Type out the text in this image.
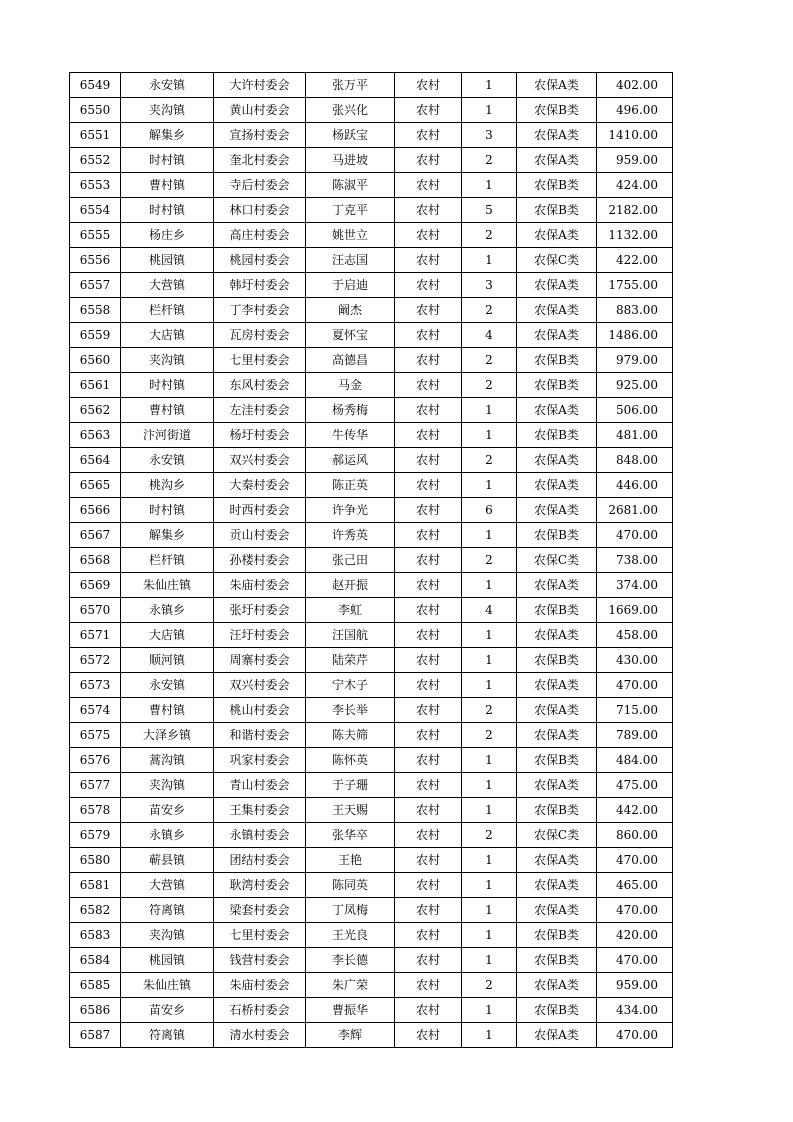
6549	永安镇	大许村委会	张万平	农村	1	农保A类	402.00
6550	夹沟镇	黄山村委会	张兴化	农村	1	农保B类	496.00
6551	解集乡	宣扬村委会	杨跃宝	农村	3	农保A类	1410.00
6552	时村镇	奎北村委会	马进坡	农村	2	农保A类	959.00
6553	曹村镇	寺后村委会	陈淑平	农村	1	农保B类	424.00
6554	时村镇	林口村委会	丁克平	农村	5	农保B类	2182.00
6555	杨庄乡	高庄村委会	姚世立	农村	2	农保A类	1132.00
6556	桃园镇	桃园村委会	汪志国	农村	1	农保C类	422.00
6557	大营镇	韩圩村委会	于启迪	农村	3	农保A类	1755.00
6558	栏杆镇	丁李村委会	阚杰	农村	2	农保A类	883.00
6559	大店镇	瓦房村委会	夏怀宝	农村	4	农保A类	1486.00
6560	夹沟镇	七里村委会	高德昌	农村	2	农保B类	979.00
6561	时村镇	东风村委会	马金	农村	2	农保B类	925.00
6562	曹村镇	左洼村委会	杨秀梅	农村	1	农保A类	506.00
6563	汴河街道	杨圩村委会	牛传华	农村	1	农保B类	481.00
6564	永安镇	双兴村委会	郝运风	农村	2	农保A类	848.00
6565	桃沟乡	大秦村委会	陈正英	农村	1	农保A类	446.00
6566	时村镇	时西村委会	许争光	农村	6	农保A类	2681.00
6567	解集乡	贡山村委会	许秀英	农村	1	农保B类	470.00
6568	栏杆镇	孙楼村委会	张己田	农村	2	农保C类	738.00
6569	朱仙庄镇	朱庙村委会	赵开振	农村	1	农保A类	374.00
6570	永镇乡	张圩村委会	李虹	农村	4	农保B类	1669.00
6571	大店镇	汪圩村委会	汪国航	农村	1	农保A类	458.00
6572	顺河镇	周寨村委会	陆荣芹	农村	1	农保B类	430.00
6573	永安镇	双兴村委会	宁木子	农村	1	农保A类	470.00
6574	曹村镇	桃山村委会	李长举	农村	2	农保A类	715.00
6575	大泽乡镇	和谐村委会	陈夫筛	农村	2	农保A类	789.00
6576	蒿沟镇	巩家村委会	陈怀英	农村	1	农保B类	484.00
6577	夹沟镇	青山村委会	于子珊	农村	1	农保A类	475.00
6578	苗安乡	王集村委会	王天赐	农村	1	农保B类	442.00
6579	永镇乡	永镇村委会	张华卒	农村	2	农保C类	860.00
6580	蕲县镇	团结村委会	王艳	农村	1	农保A类	470.00
6581	大营镇	耿湾村委会	陈同英	农村	1	农保A类	465.00
6582	符离镇	梁套村委会	丁凤梅	农村	1	农保A类	470.00
6583	夹沟镇	七里村委会	王光良	农村	1	农保B类	420.00
6584	桃园镇	钱营村委会	李长德	农村	1	农保B类	470.00
6585	朱仙庄镇	朱庙村委会	朱广荣	农村	2	农保A类	959.00
6586	苗安乡	石桥村委会	曹振华	农村	1	农保B类	434.00
6587	符离镇	清水村委会	李辉	农村	1	农保A类	470.00
